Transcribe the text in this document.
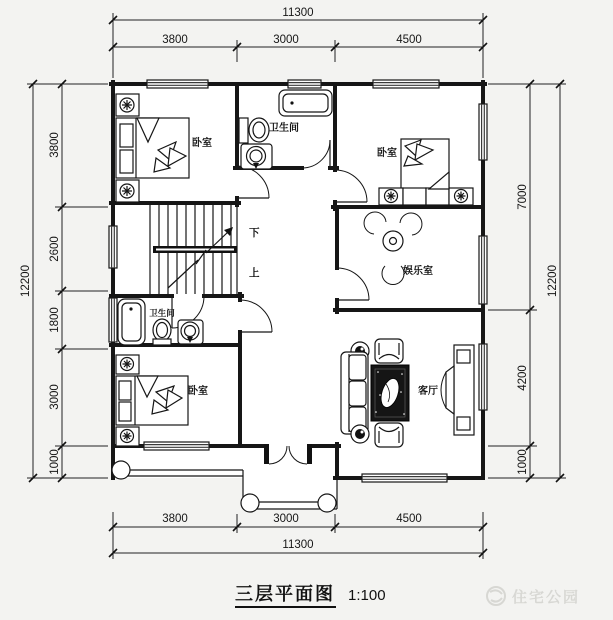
11300
3800	3000	4500
12200
3800
2600
1800
3000
1000
7000
4200
1000
12200
3800	3000	4500
11300
下
上
卧室
卫生间
卧室
娱乐室
卫生间
卧室	客厅
三层平面图 1:100	住宅公园
